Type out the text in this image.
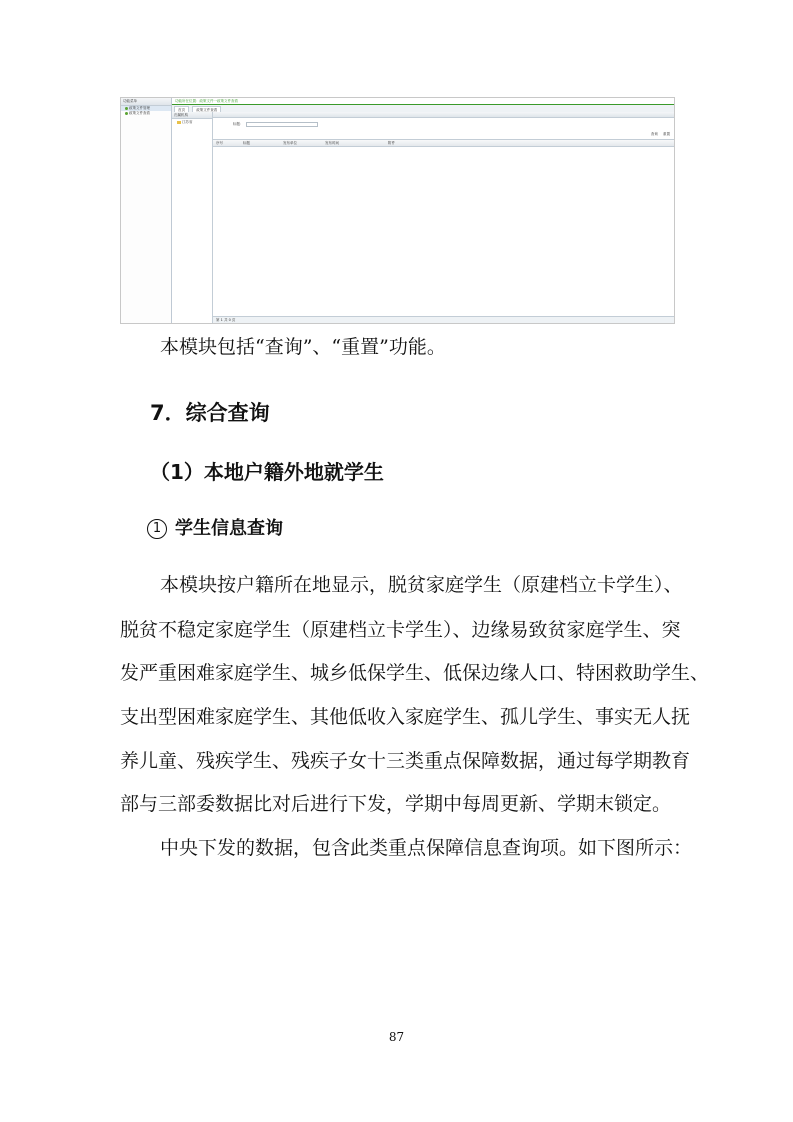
功能菜单
政策文件管理
政策文件查看
功能所在位置：政策文件一政策文件查看
首页	政策文件查看
归属机构
江苏省	标题：
查询 重置
序号	标题	发布单位	发布时间	附件
第 1 共 0 页
本模块包括“查询”、“重置”功能。
7．综合查询
（1）本地户籍外地就学生
1 学生信息查询
本模块按户籍所在地显示，脱贫家庭学生（原建档立卡学生）、
脱贫不稳定家庭学生（原建档立卡学生）、边缘易致贫家庭学生、突
发严重困难家庭学生、城乡低保学生、低保边缘人口、特困救助学生、
支出型困难家庭学生、其他低收入家庭学生、孤儿学生、事实无人抚
养儿童、残疾学生、残疾子女十三类重点保障数据，通过每学期教育
部与三部委数据比对后进行下发，学期中每周更新、学期末锁定。
中央下发的数据，包含此类重点保障信息查询项。如下图所示：
87
